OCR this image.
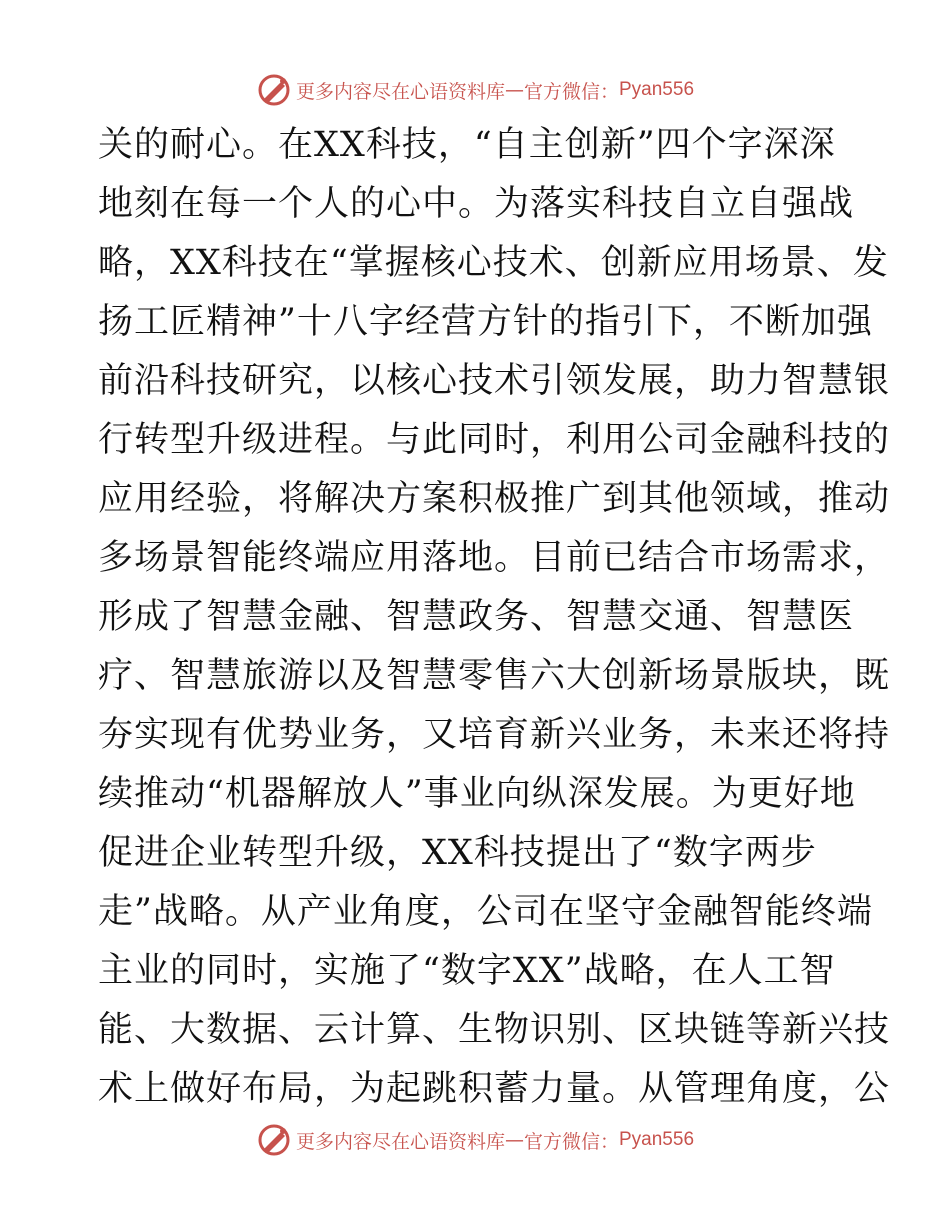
更多内容尽在心语资料库 — 官方微信： Pyan556
关的耐心。在XX科技，“自主创新”四个字深深
地刻在每一个人的心中。为落实科技自立自强战
略，XX科技在“掌握核心技术、创新应用场景、发
扬工匠精神”十八字经营方针的指引下，不断加强
前沿科技研究，以核心技术引领发展，助力智慧银
行转型升级进程。与此同时，利用公司金融科技的
应用经验，将解决方案积极推广到其他领域，推动
多场景智能终端应用落地。目前已结合市场需求，
形成了智慧金融、智慧政务、智慧交通、智慧医
疗、智慧旅游以及智慧零售六大创新场景版块，既
夯实现有优势业务，又培育新兴业务，未来还将持
续推动“机器解放人”事业向纵深发展。为更好地
促进企业转型升级，XX科技提出了“数字两步
走”战略。从产业角度，公司在坚守金融智能终端
主业的同时，实施了“数字XX”战略，在人工智
能、大数据、云计算、生物识别、区块链等新兴技
术上做好布局，为起跳积蓄力量。从管理角度，公
更多内容尽在心语资料库 — 官方微信： Pyan556
